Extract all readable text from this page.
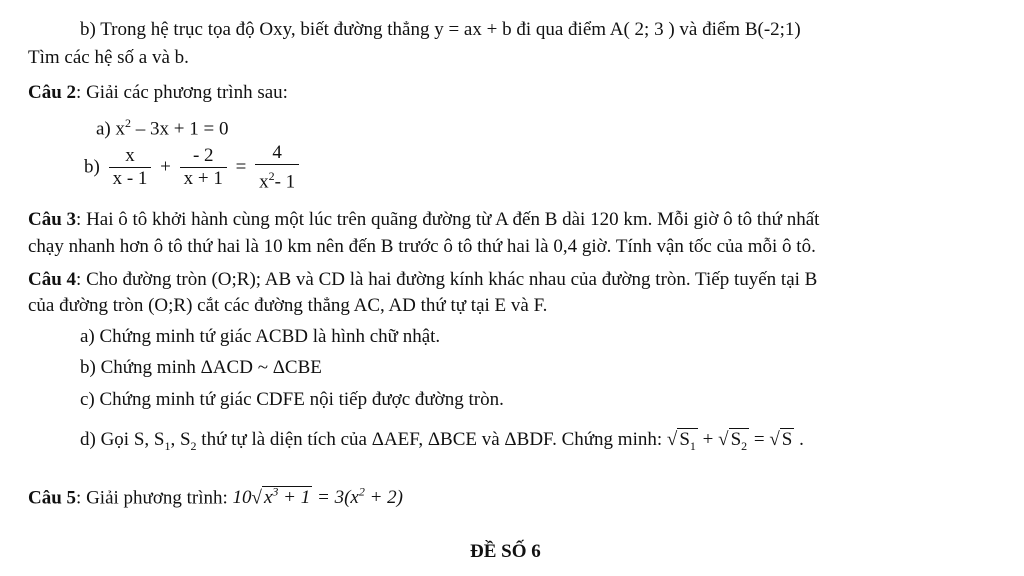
b) Trong hệ trục tọa độ Oxy, biết đường thẳng y = ax + b đi qua điểm A( 2; 3 ) và điểm B(-2;1)
Tìm các hệ số a và b.
Câu 2: Giải các phương trình sau:
a) $x^2 - 3x + 1 = 0$
$b) \frac{x}{x - 1} + \frac{- 2}{x + 1} = \frac{4}{x^2- 1}$
Câu 3: Hai ô tô khởi hành cùng một lúc trên quãng đường từ A đến B dài 120 km. Mỗi giờ ô tô thứ nhất
chạy nhanh hơn ô tô thứ hai là 10 km nên đến B trước ô tô thứ hai là 0,4 giờ. Tính vận tốc của mỗi ô tô.
Câu 4: Cho đường tròn (O;R); AB và CD là hai đường kính khác nhau của đường tròn. Tiếp tuyến tại B
của đường tròn (O;R) cắt các đường thẳng AC, AD thứ tự tại E và F.
a) Chứng minh tứ giác ACBD là hình chữ nhật.
b) Chứng minh ΔACD ~ ΔCBE
c) Chứng minh tứ giác CDFE nội tiếp được đường tròn.
d) Gọi S, $S_1$, $S_2$ thứ tự là diện tích của ΔAEF, ΔBCE và ΔBDF. Chứng minh: √ $S_1$ + √ $S_2$ = √ S .
Câu 5: Giải phương trình: 10√ $x^3 + 1 = 3(x^2 + 2)$
ĐỀ SỐ 6
